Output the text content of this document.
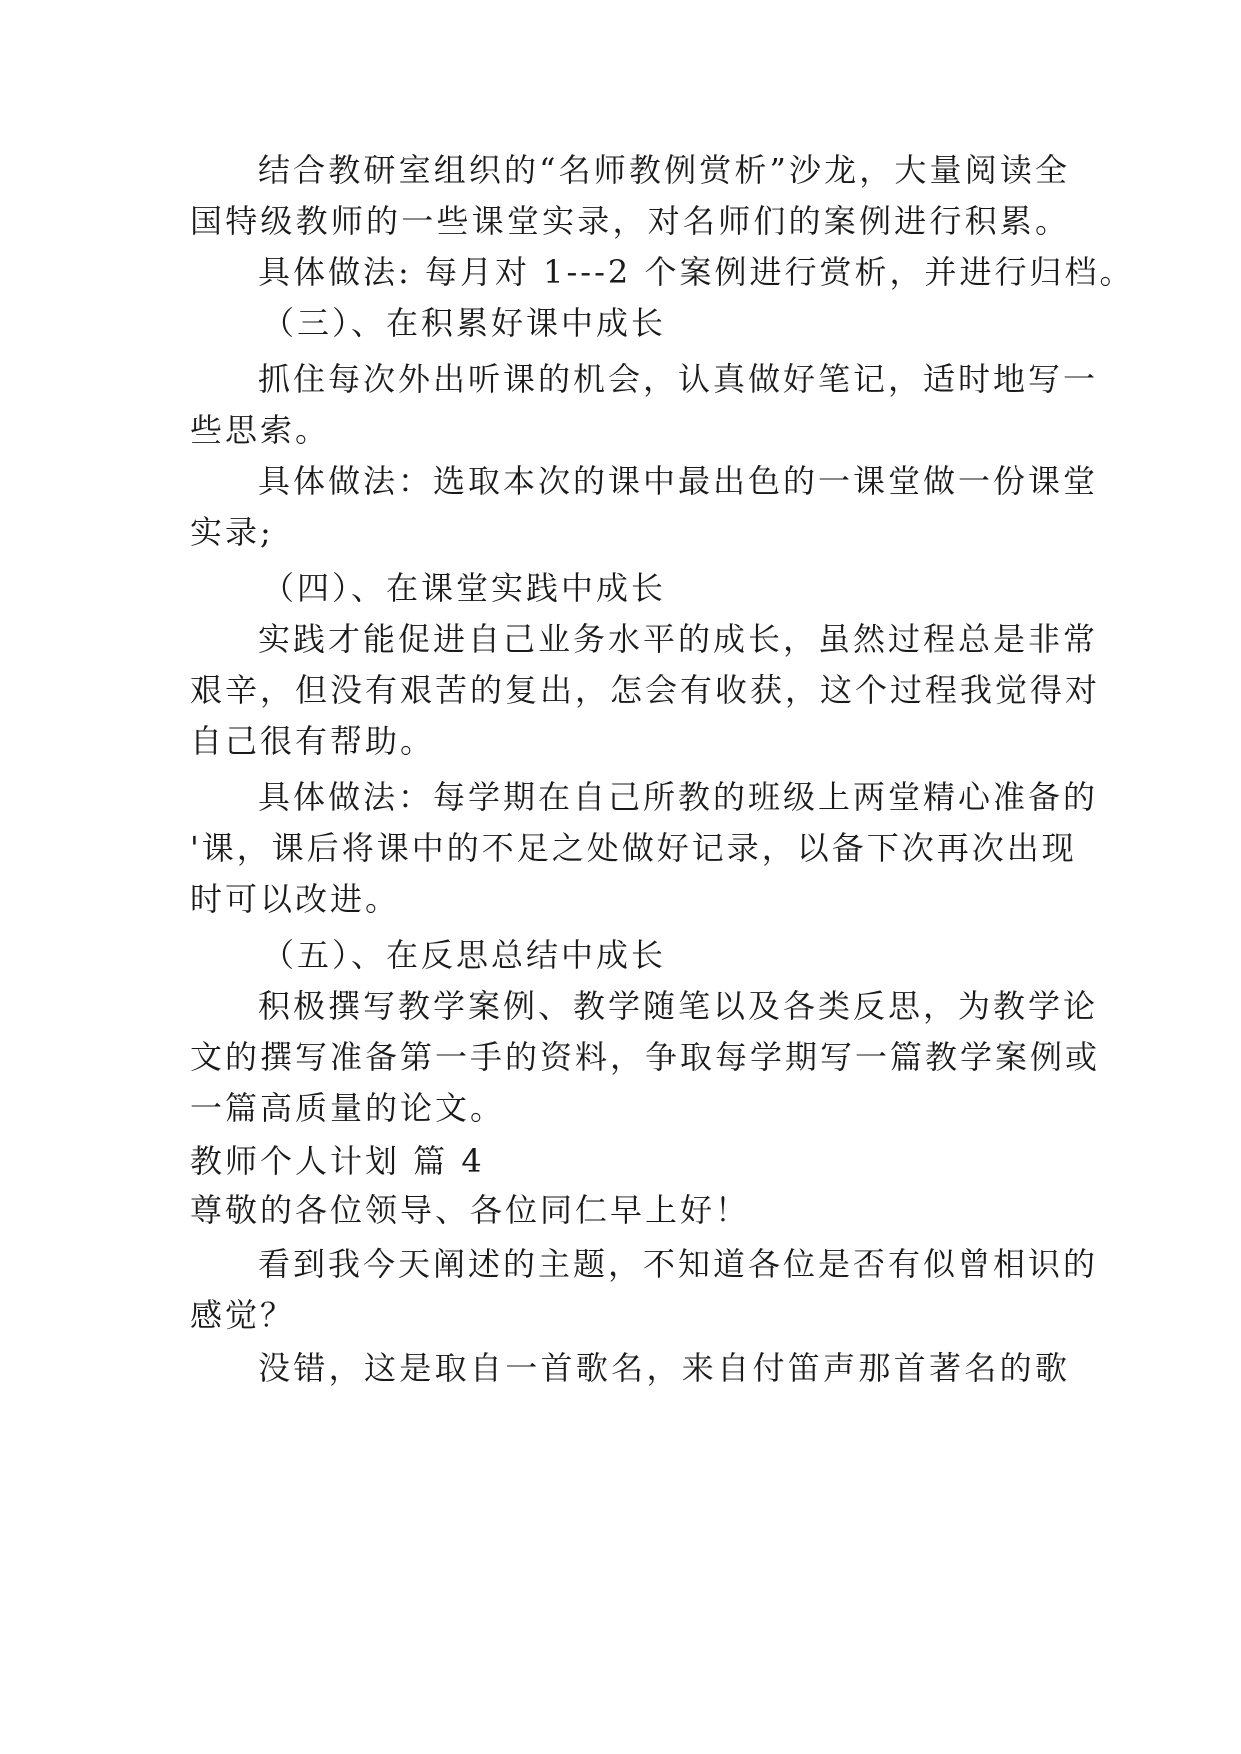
结合教研室组织的“名师教例赏析”沙龙，大量阅读全
国特级教师的一些课堂实录，对名师们的案例进行积累。
具体做法: 每月对 1---2 个案例进行赏析，并进行归档。
（三）、在积累好课中成长
抓住每次外出听课的机会，认真做好笔记，适时地写一
些思索。
具体做法：选取本次的课中最出色的一课堂做一份课堂
实录;
（四）、在课堂实践中成长
实践才能促进自己业务水平的成长，虽然过程总是非常
艰辛，但没有艰苦的复出，怎会有收获，这个过程我觉得对
自己很有帮助。
具体做法：每学期在自己所教的班级上两堂精心准备的
'课，课后将课中的不足之处做好记录，以备下次再次出现
时可以改进。
（五）、在反思总结中成长
积极撰写教学案例、教学随笔以及各类反思，为教学论
文的撰写准备第一手的资料，争取每学期写一篇教学案例或
一篇高质量的论文。
教师个人计划 篇 4
尊敬的各位领导、各位同仁早上好！
看到我今天阐述的主题，不知道各位是否有似曾相识的
感觉？
没错，这是取自一首歌名，来自付笛声那首著名的歌
